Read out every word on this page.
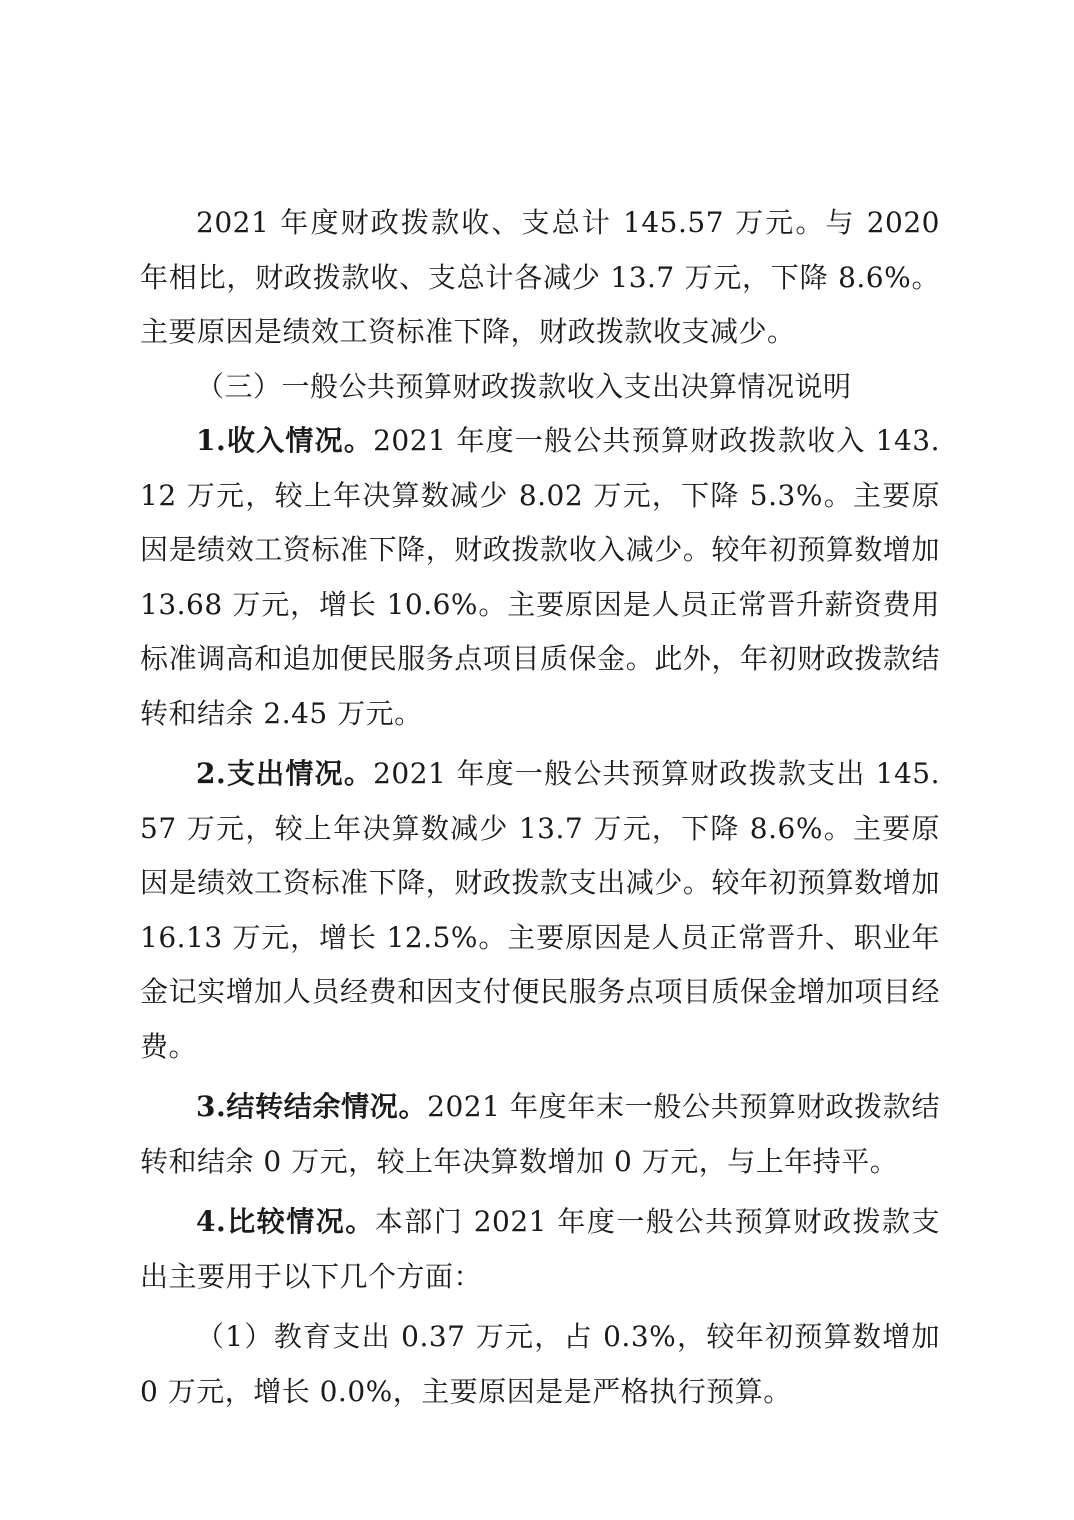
2021 年度财政拨款收、支总计 145.57 万元。与 2020 年相比，财政拨款收、支总计各减少 13.7 万元，下降 8.6%。主要原因是绩效工资标准下降，财政拨款收支减少。

（三）一般公共预算财政拨款收入支出决算情况说明

1.收入情况。2021 年度一般公共预算财政拨款收入 143.12 万元，较上年决算数减少 8.02 万元，下降 5.3%。主要原因是绩效工资标准下降，财政拨款收入减少。较年初预算数增加 13.68 万元，增长 10.6%。主要原因是人员正常晋升薪资费用标准调高和追加便民服务点项目质保金。此外，年初财政拨款结转和结余 2.45 万元。

2.支出情况。2021 年度一般公共预算财政拨款支出 145.57 万元，较上年决算数减少 13.7 万元，下降 8.6%。主要原因是绩效工资标准下降，财政拨款支出减少。较年初预算数增加 16.13 万元，增长 12.5%。主要原因是人员正常晋升、职业年金记实增加人员经费和因支付便民服务点项目质保金增加项目经费。

3.结转结余情况。2021 年度年末一般公共预算财政拨款结转和结余 0 万元，较上年决算数增加 0 万元，与上年持平。

4.比较情况。本部门 2021 年度一般公共预算财政拨款支出主要用于以下几个方面：

（1）教育支出 0.37 万元，占 0.3%，较年初预算数增加 0 万元，增长 0.0%，主要原因是是严格执行预算。
